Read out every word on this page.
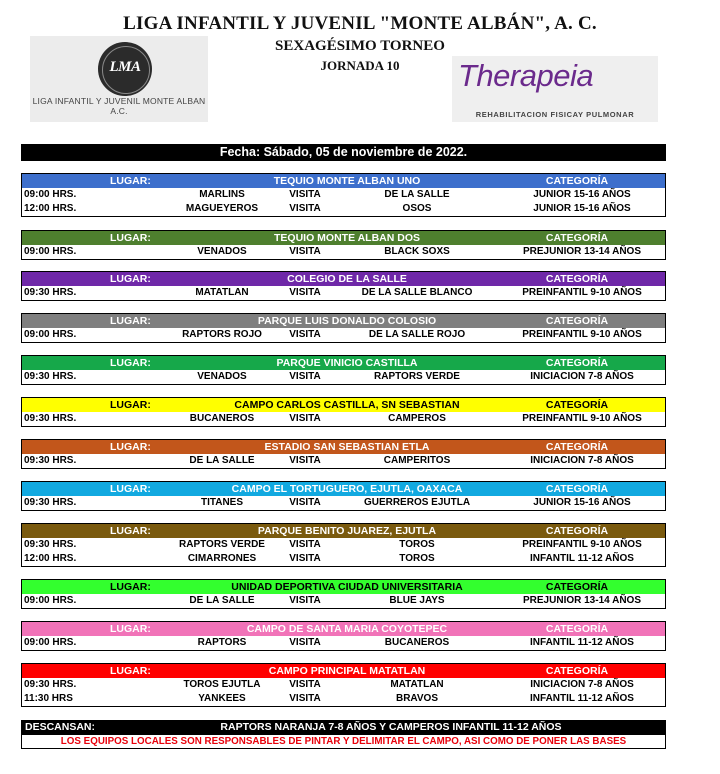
LIGA INFANTIL Y JUVENIL "MONTE ALBÁN", A. C.
SEXAGÉSIMO TORNEO
JORNADA 10
LMA
LIGA INFANTIL Y JUVENIL MONTE ALBAN A.C.
Therapeia
REHABILITACION FISICAY PULMONAR
Fecha: Sábado, 05 de noviembre de 2022.
LUGAR:	TEQUIO MONTE ALBAN UNO	CATEGORÍA
09:00 HRS.	MARLINS	VISITA	DE LA SALLE	JUNIOR 15-16 AÑOS
12:00 HRS.	MAGUEYEROS	VISITA	OSOS	JUNIOR 15-16 AÑOS
LUGAR:	TEQUIO MONTE ALBAN DOS	CATEGORÍA
09:00 HRS.	VENADOS	VISITA	BLACK SOXS	PREJUNIOR 13-14 AÑOS
LUGAR:	COLEGIO DE LA SALLE	CATEGORÍA
09:30 HRS.	MATATLAN	VISITA	DE LA SALLE BLANCO	PREINFANTIL 9-10 AÑOS
LUGAR:	PARQUE LUIS DONALDO COLOSIO	CATEGORÍA
09:00 HRS.	RAPTORS ROJO	VISITA	DE LA SALLE ROJO	PREINFANTIL 9-10 AÑOS
LUGAR:	PARQUE VINICIO CASTILLA	CATEGORÍA
09:30 HRS.	VENADOS	VISITA	RAPTORS VERDE	INICIACION 7-8 AÑOS
LUGAR:	CAMPO CARLOS CASTILLA, SN SEBASTIAN	CATEGORÍA
09:30 HRS.	BUCANEROS	VISITA	CAMPEROS	PREINFANTIL 9-10 AÑOS
LUGAR:	ESTADIO SAN SEBASTIAN ETLA	CATEGORÍA
09:30 HRS.	DE LA SALLE	VISITA	CAMPERITOS	INICIACION 7-8 AÑOS
LUGAR:	CAMPO EL TORTUGUERO, EJUTLA, OAXACA	CATEGORÍA
09:30 HRS.	TITANES	VISITA	GUERREROS EJUTLA	JUNIOR 15-16 AÑOS
LUGAR:	PARQUE BENITO JUAREZ, EJUTLA	CATEGORÍA
09:30 HRS.	RAPTORS VERDE	VISITA	TOROS	PREINFANTIL 9-10 AÑOS
12:00 HRS.	CIMARRONES	VISITA	TOROS	INFANTIL 11-12 AÑOS
LUGAR:	UNIDAD DEPORTIVA CIUDAD UNIVERSITARIA	CATEGORÍA
09:00 HRS.	DE LA SALLE	VISITA	BLUE JAYS	PREJUNIOR 13-14 AÑOS
LUGAR:	CAMPO DE SANTA MARIA COYOTEPEC	CATEGORÍA
09:00 HRS.	RAPTORS	VISITA	BUCANEROS	INFANTIL 11-12 AÑOS
LUGAR:	CAMPO PRINCIPAL MATATLAN	CATEGORÍA
09:30 HRS.	TOROS EJUTLA	VISITA	MATATLAN	INICIACION 7-8 AÑOS
11:30 HRS	YANKEES	VISITA	BRAVOS	INFANTIL 11-12 AÑOS
DESCANSAN:	RAPTORS NARANJA 7-8 AÑOS Y CAMPEROS INFANTIL 11-12 AÑOS
LOS EQUIPOS LOCALES SON RESPONSABLES DE PINTAR Y DELIMITAR EL CAMPO, ASI COMO DE PONER LAS BASES
